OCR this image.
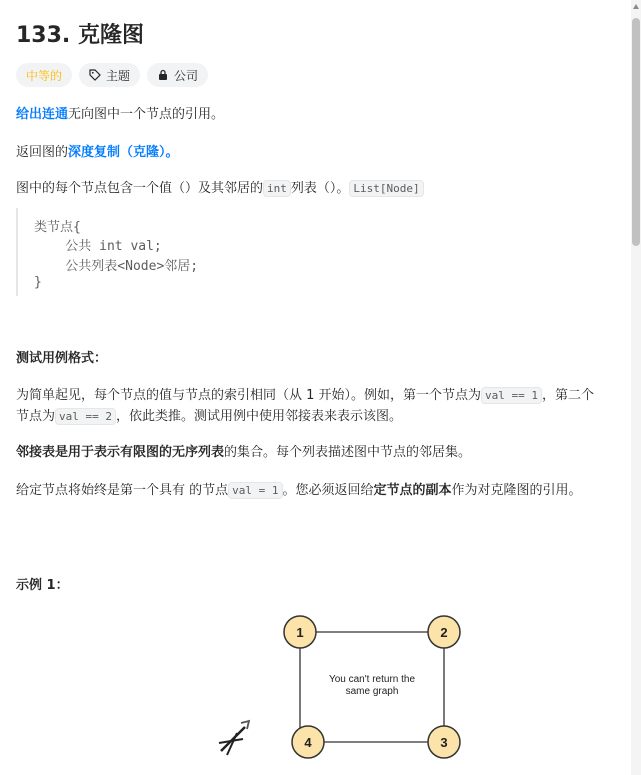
133. 克隆图
中等的	主题	公司

给出连通无向图中一个节点的引用。

返回图的深度复制（克隆）。

图中的每个节点包含一个值（）及其邻居的 int 列表（）。 List[Node]

类节点{
公共 int val;
公共列表<Node>邻居;
}

测试用例格式：

为简单起见，每个节点的值与节点的索引相同（从 1 开始）。例如，第一个节点为 val == 1 ，第二个节点为 val == 2 ，依此类推。测试用例中使用邻接表来表示该图。

邻接表是用于表示有限图的无序列表的集合。每个列表描述图中节点的邻居集。

给定节点将始终是第一个具有 的节点 val = 1 。您必须返回给定节点的副本作为对克隆图的引用。

示例 1：

1	2
3
4
You can't return the
same graph
